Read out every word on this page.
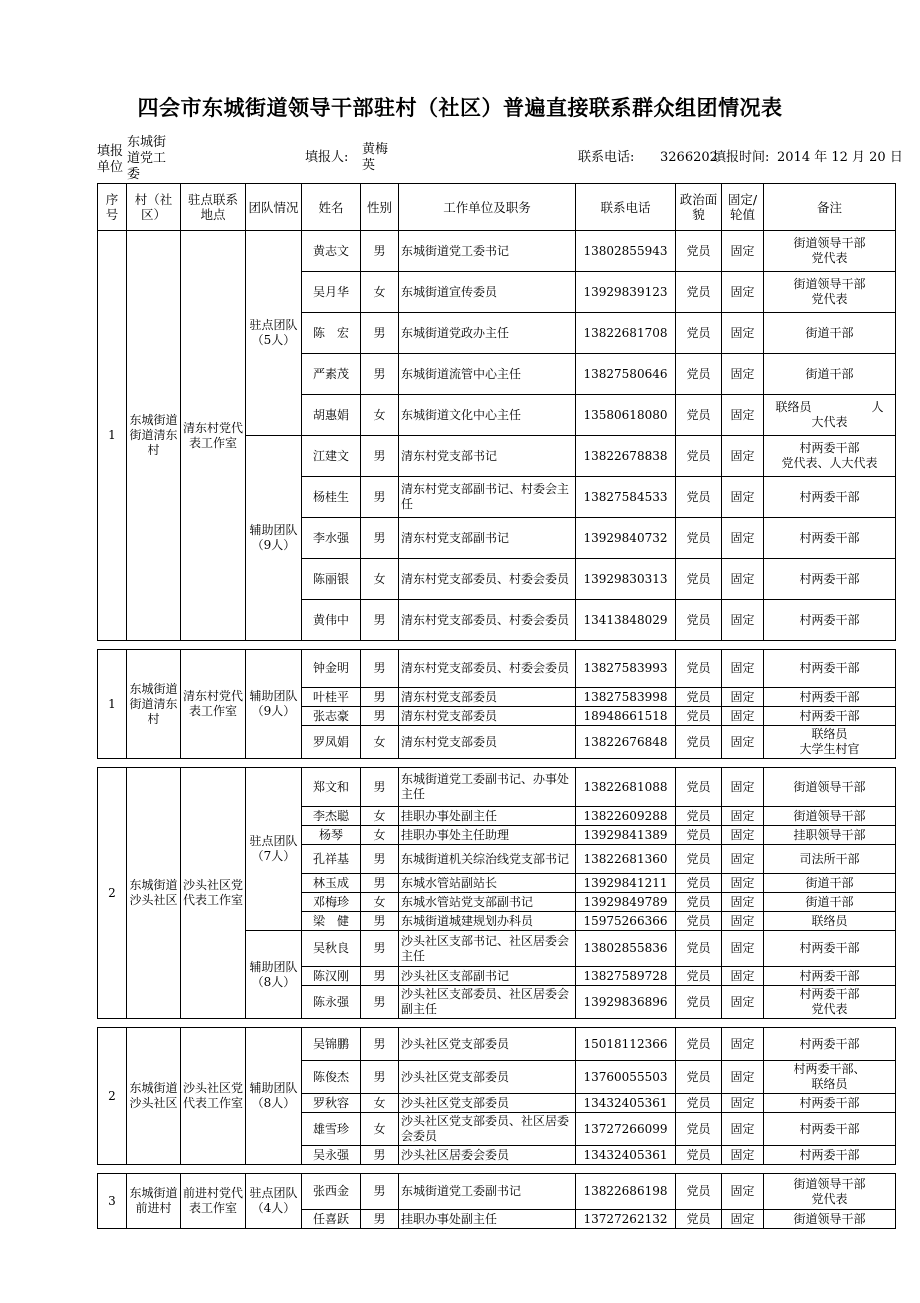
四会市东城街道领导干部驻村（社区）普遍直接联系群众组团情况表
填报单位
东城街道党工委
填报人:
黄梅英
联系电话: 3266202
填报时间: 2014 年 12 月 20 日
序号	村（社区）	驻点联系地点	团队情况	姓名	性别	工作单位及职务	联系电话	政治面貌	固定/轮值	备注
1	东城街道街道清东村	清东村党代表工作室	驻点团队（5人）	黄志文	男	东城街道党工委书记	13802855943	党员	固定	街道领导干部
党代表
				吴月华	女	东城街道宣传委员	13929839123	党员	固定	街道领导干部
党代表
				陈　宏	男	东城街道党政办主任	13822681708	党员	固定	街道干部
				严素茂	男	东城街道流管中心主任	13827580646	党员	固定	街道干部
				胡惠娟	女	东城街道文化中心主任	13580618080	党员	固定	联络员　　　　　人
大代表
			辅助团队（9人）	江建文	男	清东村党支部书记	13822678838	党员	固定	村两委干部
党代表、人大代表
				杨桂生	男	清东村党支部副书记、村委会主任	13827584533	党员	固定	村两委干部
				李水强	男	清东村党支部副书记	13929840732	党员	固定	村两委干部
				陈丽银	女	清东村党支部委员、村委会委员	13929830313	党员	固定	村两委干部
				黄伟中	男	清东村党支部委员、村委会委员	13413848029	党员	固定	村两委干部

1	东城街道街道清东村	清东村党代表工作室	辅助团队（9人）	钟金明	男	清东村党支部委员、村委会委员	13827583993	党员	固定	村两委干部
				叶桂平	男	清东村党支部委员	13827583998	党员	固定	村两委干部
				张志豪	男	清东村党支部委员	18948661518	党员	固定	村两委干部
				罗凤娟	女	清东村党支部委员	13822676848	党员	固定	联络员
大学生村官

2	东城街道沙头社区	沙头社区党代表工作室	驻点团队（7人）	郑文和	男	东城街道党工委副书记、办事处主任	13822681088	党员	固定	街道领导干部
				李杰聪	女	挂职办事处副主任	13822609288	党员	固定	街道领导干部
				杨琴	女	挂职办事处主任助理	13929841389	党员	固定	挂职领导干部
				孔祥基	男	东城街道机关综治线党支部书记	13822681360	党员	固定	司法所干部
				林玉成	男	东城水管站副站长	13929841211	党员	固定	街道干部
				邓梅珍	女	东城水管站党支部副书记	13929849789	党员	固定	街道干部
				梁　健	男	东城街道城建规划办科员	15975266366	党员	固定	联络员
			辅助团队（8人）	吴秋良	男	沙头社区支部书记、社区居委会主任	13802855836	党员	固定	村两委干部
				陈汉刚	男	沙头社区支部副书记	13827589728	党员	固定	村两委干部
				陈永强	男	沙头社区支部委员、社区居委会副主任	13929836896	党员	固定	村两委干部
党代表

2	东城街道沙头社区	沙头社区党代表工作室	辅助团队（8人）	吴锦鹏	男	沙头社区党支部委员	15018112366	党员	固定	村两委干部
				陈俊杰	男	沙头社区党支部委员	13760055503	党员	固定	村两委干部、
联络员
				罗秋容	女	沙头社区党支部委员	13432405361	党员	固定	村两委干部
				雄雪珍	女	沙头社区党支部委员、社区居委会委员	13727266099	党员	固定	村两委干部
				吴永强	男	沙头社区居委会委员	13432405361	党员	固定	村两委干部

3	东城街道前进村	前进村党代表工作室	驻点团队（4人）	张西金	男	东城街道党工委副书记	13822686198	党员	固定	街道领导干部
党代表
				任喜跃	男	挂职办事处副主任	13727262132	党员	固定	街道领导干部
